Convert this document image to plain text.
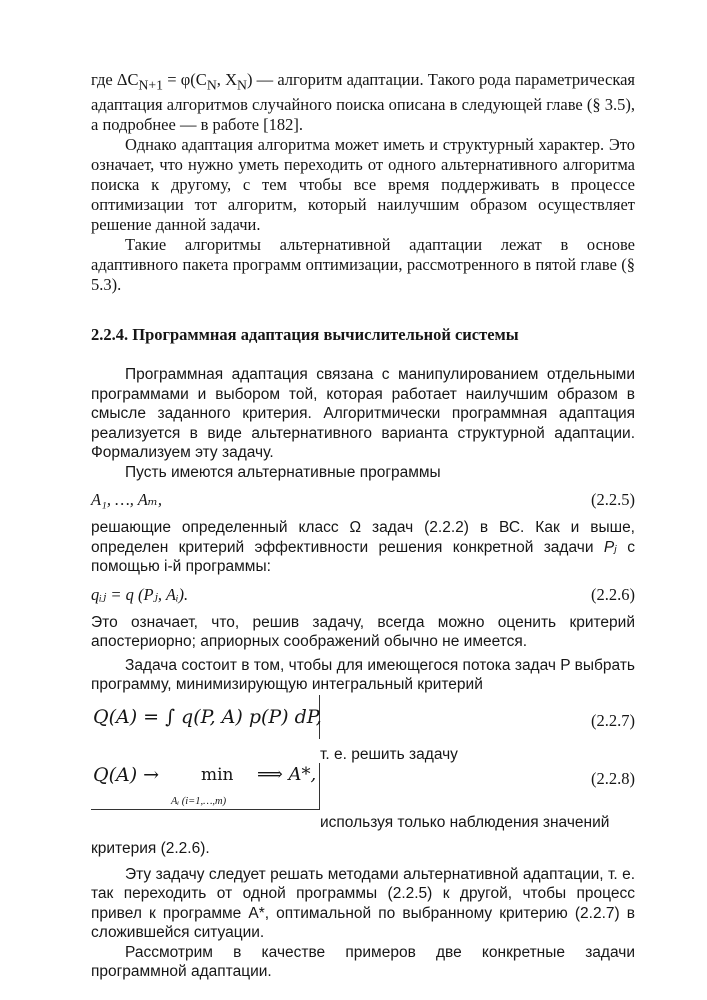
где $\Delta C_{N+1} = \varphi(C_N$, $X_N$) — алгоритм адаптации. Такого рода параметрическая адаптация алгоритмов случайного поиска описана в следующей главе (§ 3.5), а подробнее — в работе [182].

Однако адаптация алгоритма может иметь и структурный характер. Это означает, что нужно уметь переходить от одного альтернативного алгоритма поиска к другому, с тем чтобы все время поддерживать в процессе оптимизации тот алгоритм, который наилучшим образом осуществляет решение данной задачи.

Такие алгоритмы альтернативной адаптации лежат в основе адаптивного пакета программ оптимизации, рассмотренного в пятой главе (§ 5.3).

2.2.4. Программная адаптация вычислительной системы

Программная адаптация связана с манипулированием отдельными программами и выбором той, которая работает наилучшим образом в смысле заданного критерия. Алгоритмически программная адаптация реализуется в виде альтернативного варианта структурной адаптации. Формализуем эту задачу.

Пусть имеются альтернативные программы

A₁, …, Aₘ,	(2.2.5)

решающие определенный класс Ω задач (2.2.2) в ВС. Как и выше, определен критерий эффективности решения конкретной задачи Pⱼ с помощью i-й программы:

qᵢⱼ = q (Pⱼ, Aᵢ).	(2.2.6)

Это означает, что, решив задачу, всегда можно оценить критерий апостериорно; априорных соображений обычно не имеется.

Задача состоит в том, чтобы для имеющегося потока задач P выбрать программу, минимизирующую интегральный критерий

Q(A) = ∫ q(P, A) p(P) dP,	(2.2.7)
т. е. решить задачу
Q(A) → min ⟹ A*,
Aᵢ (i=1,…,m)
(2.2.8)
используя только наблюдения значений
критерия (2.2.6).

Эту задачу следует решать методами альтернативной адаптации, т. е. так переходить от одной программы (2.2.5) к другой, чтобы процесс привел к программе A*, оптимальной по выбранному критерию (2.2.7) в сложившейся ситуации.

Рассмотрим в качестве примеров две конкретные задачи программной адаптации.
